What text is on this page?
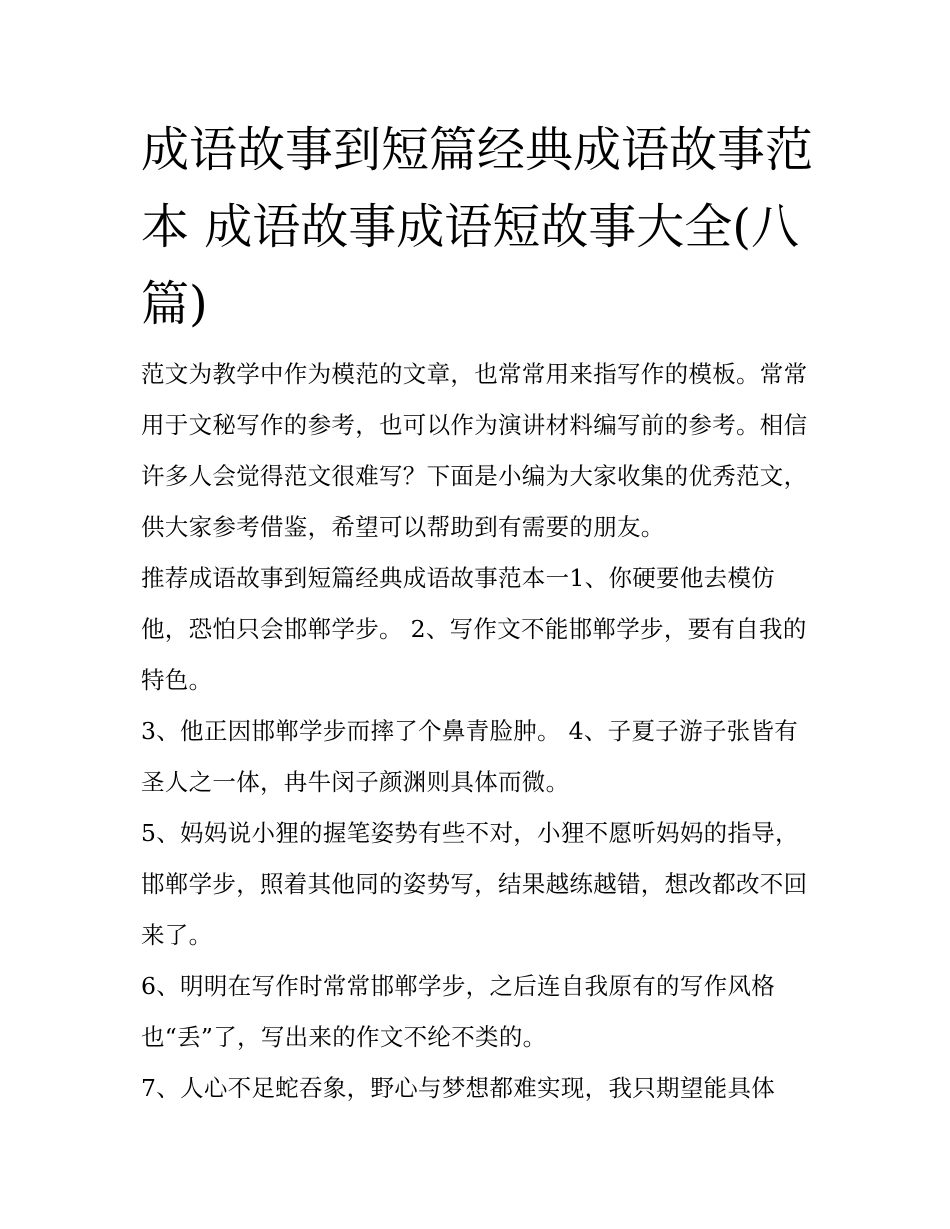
成语故事到短篇经典成语故事范本 成语故事成语短故事大全(八篇)

范文为教学中作为模范的文章，也常常用来指写作的模板。常常用于文秘写作的参考，也可以作为演讲材料编写前的参考。相信许多人会觉得范文很难写？下面是小编为大家收集的优秀范文，供大家参考借鉴，希望可以帮助到有需要的朋友。

推荐成语故事到短篇经典成语故事范本一1、你硬要他去模仿他，恐怕只会邯郸学步。 2、写作文不能邯郸学步，要有自我的特色。

3、他正因邯郸学步而摔了个鼻青脸肿。 4、子夏子游子张皆有圣人之一体，冉牛闵子颜渊则具体而微。

5、妈妈说小狸的握笔姿势有些不对，小狸不愿听妈妈的指导，邯郸学步，照着其他同的姿势写，结果越练越错，想改都改不回来了。

6、明明在写作时常常邯郸学步，之后连自我原有的写作风格也“丢”了，写出来的作文不纶不类的。

7、人心不足蛇吞象，野心与梦想都难实现，我只期望能具体
